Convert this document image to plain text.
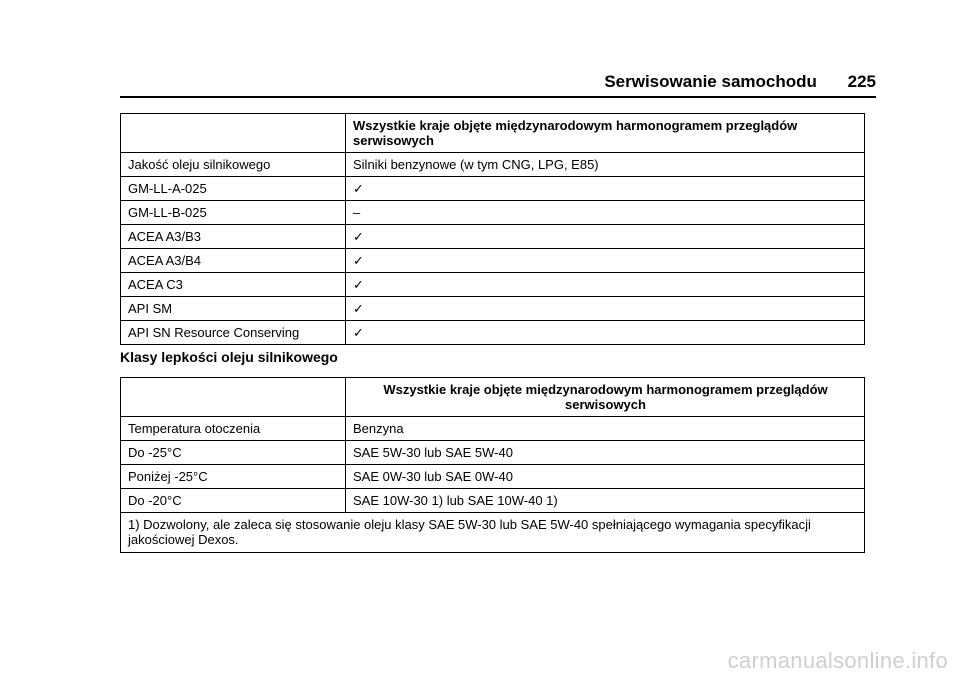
Serwisowanie samochodu 225
	Wszystkie kraje objęte międzynarodowym harmonogramem przeglądów serwisowych
Jakość oleju silnikowego	Silniki benzynowe (w tym CNG, LPG, E85)
GM-LL-A-025	✓
GM-LL-B-025	–
ACEA A3/B3	✓
ACEA A3/B4	✓
ACEA C3	✓
API SM	✓
API SN Resource Conserving	✓
Klasy lepkości oleju silnikowego
	Wszystkie kraje objęte międzynarodowym harmonogramem przeglądów serwisowych
Temperatura otoczenia	Benzyna
Do -25°C	SAE 5W-30 lub SAE 5W-40
Poniżej -25°C	SAE 0W-30 lub SAE 0W-40
Do -20°C	SAE 10W-30 1) lub SAE 10W-40 1)
1) Dozwolony, ale zaleca się stosowanie oleju klasy SAE 5W-30 lub SAE 5W-40 spełniającego wymagania specyfikacji jakościowej Dexos.	
carmanualsonline.info
